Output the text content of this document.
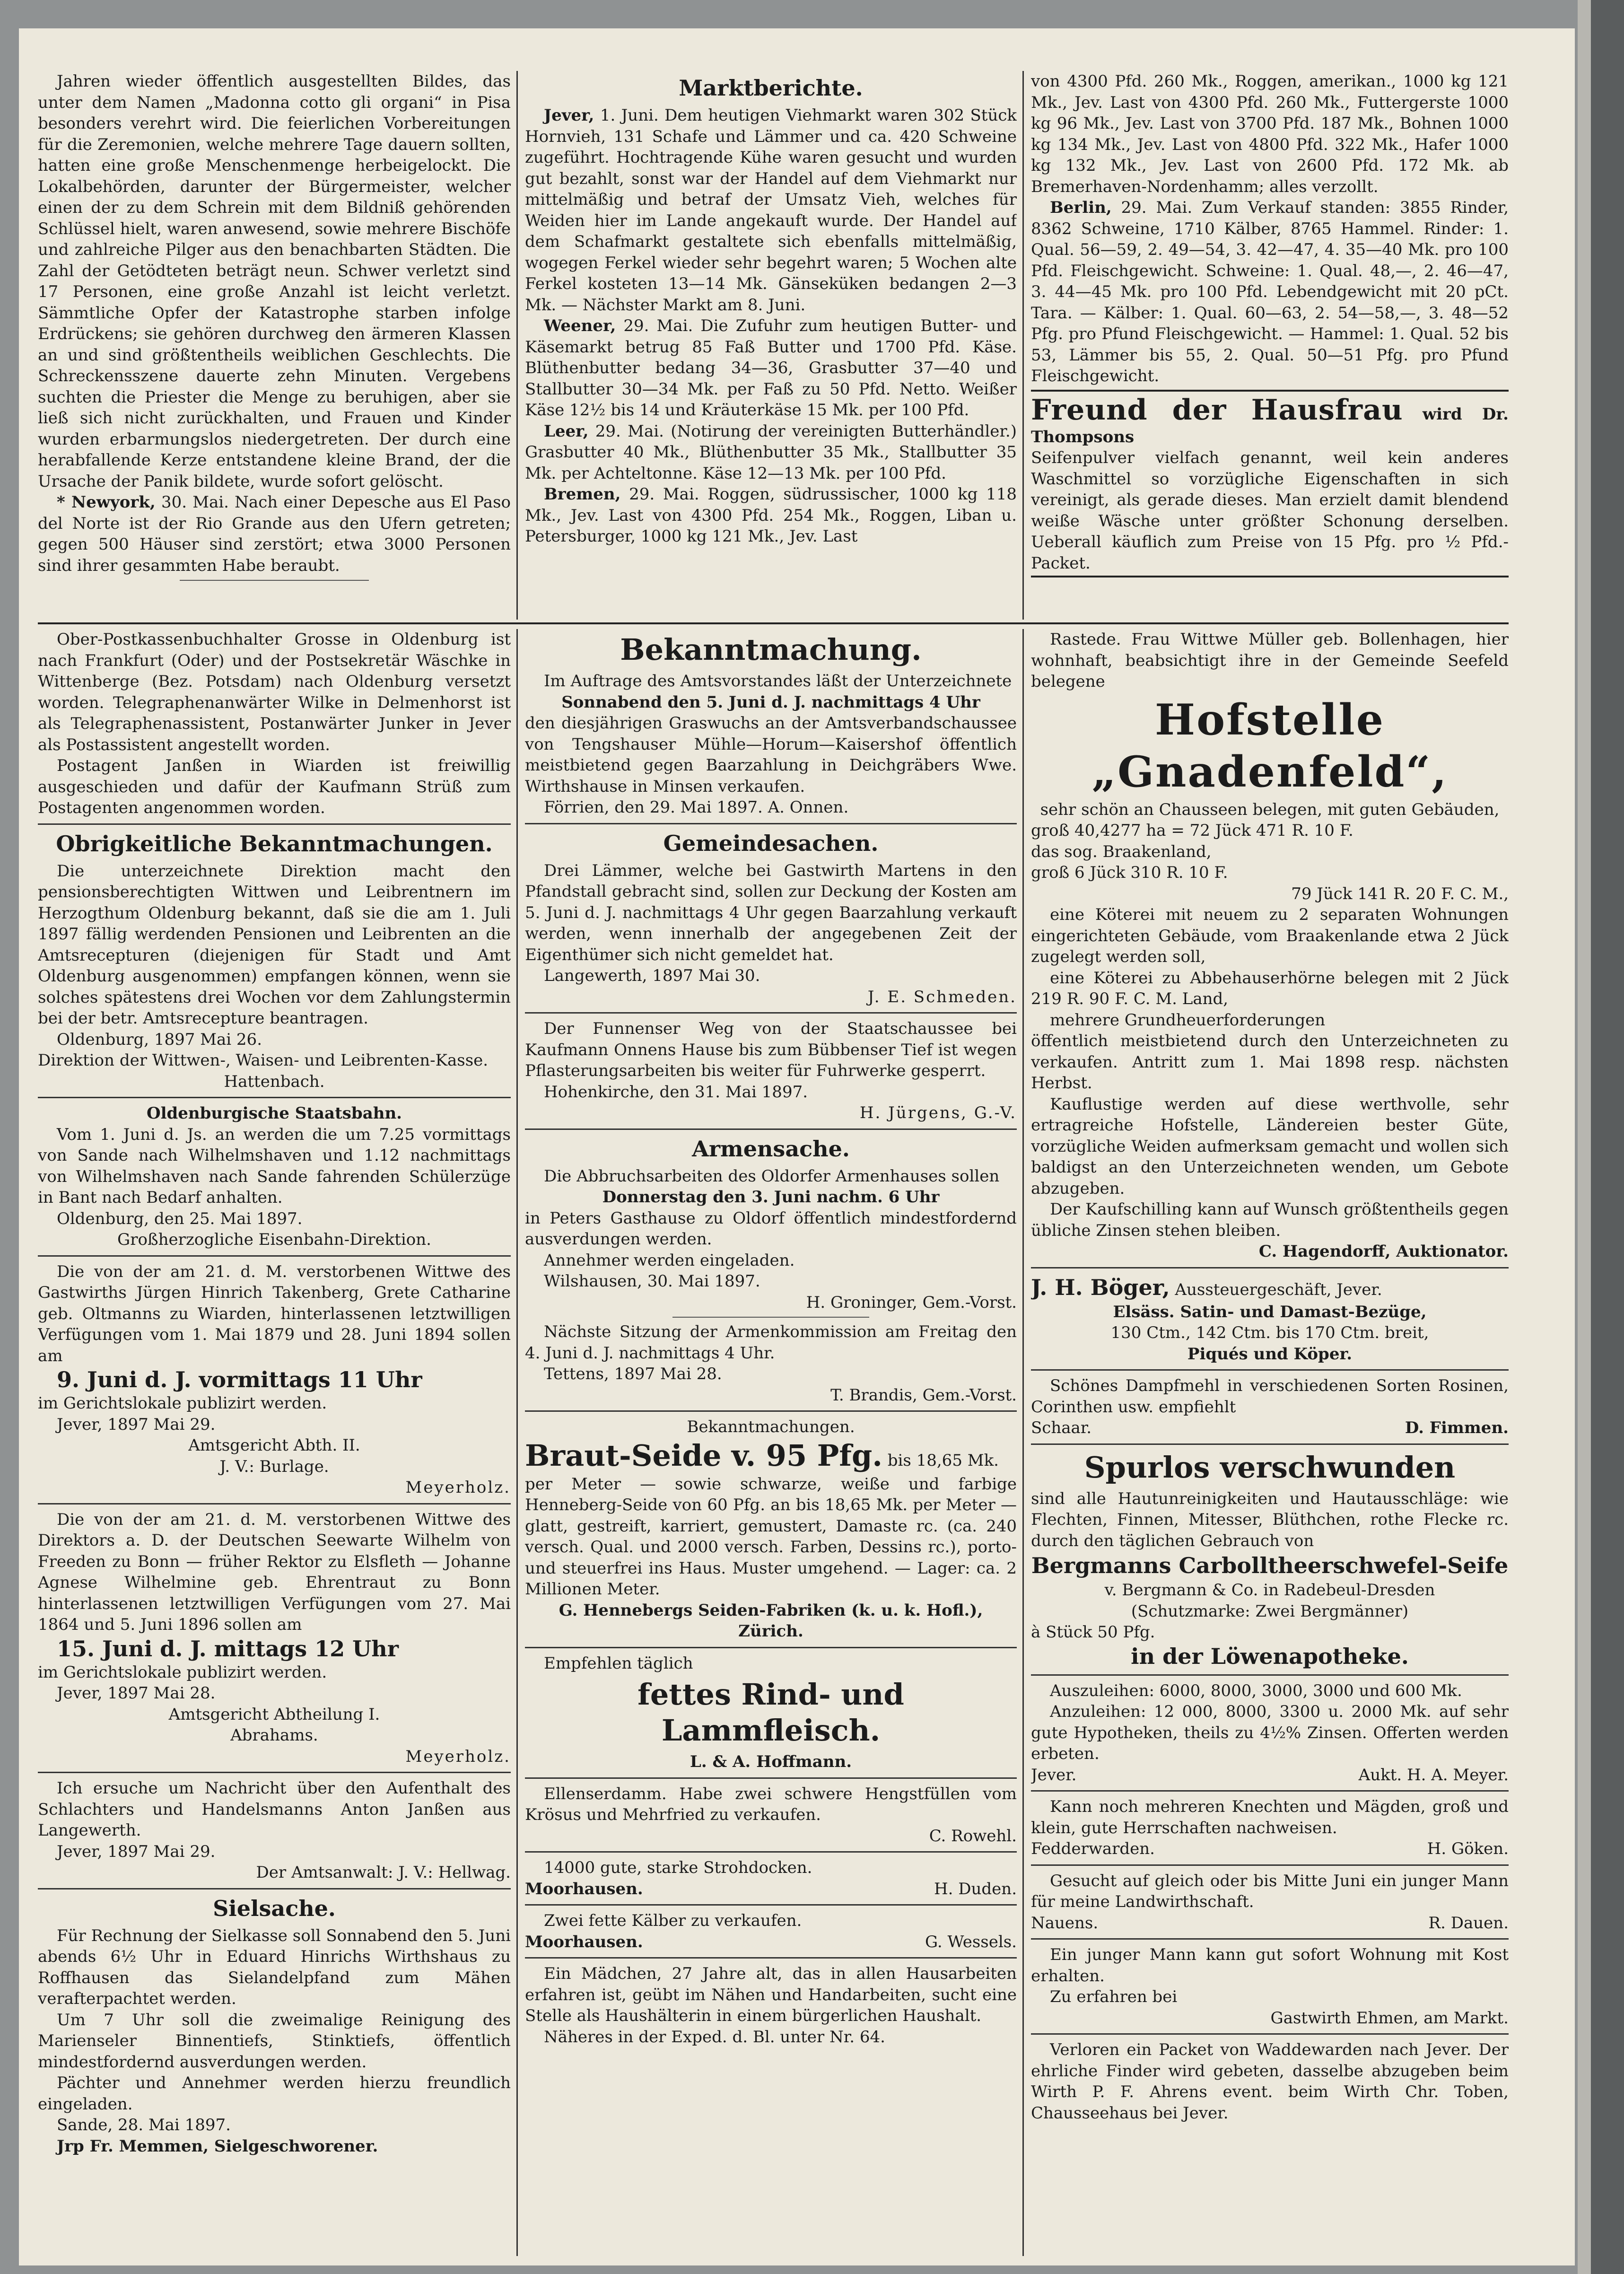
Jahren wieder öffentlich ausgestellten Bildes, das unter dem Namen „Madonna cotto gli organi“ in Pisa besonders verehrt wird. Die feierlichen Vorbereitungen für die Zeremonien, welche mehrere Tage dauern sollten, hatten eine große Menschenmenge herbeigelockt. Die Lokalbehörden, darunter der Bürgermeister, welcher einen der zu dem Schrein mit dem Bildniß gehörenden Schlüssel hielt, waren anwesend, sowie mehrere Bischöfe und zahlreiche Pilger aus den benachbarten Städten. Die Zahl der Getödteten beträgt neun. Schwer verletzt sind 17 Personen, eine große Anzahl ist leicht verletzt. Sämmtliche Opfer der Katastrophe starben infolge Erdrückens; sie gehören durchweg den ärmeren Klassen an und sind größtentheils weiblichen Geschlechts. Die Schreckensszene dauerte zehn Minuten. Vergebens suchten die Priester die Menge zu beruhigen, aber sie ließ sich nicht zurückhalten, und Frauen und Kinder wurden erbarmungslos niedergetreten. Der durch eine herabfallende Kerze entstandene kleine Brand, der die Ursache der Panik bildete, wurde sofort gelöscht.

* Newyork, 30. Mai. Nach einer Depesche aus El Paso del Norte ist der Rio Grande aus den Ufern getreten; gegen 500 Häuser sind zerstört; etwa 3000 Personen sind ihrer gesammten Habe beraubt.

Marktberichte.

Jever, 1. Juni. Dem heutigen Viehmarkt waren 302 Stück Hornvieh, 131 Schafe und Lämmer und ca. 420 Schweine zugeführt. Hochtragende Kühe waren gesucht und wurden gut bezahlt, sonst war der Handel auf dem Viehmarkt nur mittelmäßig und betraf der Umsatz Vieh, welches für Weiden hier im Lande angekauft wurde. Der Handel auf dem Schafmarkt gestaltete sich ebenfalls mittelmäßig, wogegen Ferkel wieder sehr begehrt waren; 5 Wochen alte Ferkel kosteten 13—14 Mk. Gänseküken bedangen 2—3 Mk. — Nächster Markt am 8. Juni.

Weener, 29. Mai. Die Zufuhr zum heutigen Butter- und Käsemarkt betrug 85 Faß Butter und 1700 Pfd. Käse. Blüthenbutter bedang 34—36, Grasbutter 37—40 und Stallbutter 30—34 Mk. per Faß zu 50 Pfd. Netto. Weißer Käse 12½ bis 14 und Kräuterkäse 15 Mk. per 100 Pfd.

Leer, 29. Mai. (Notirung der vereinigten Butterhändler.) Grasbutter 40 Mk., Blüthenbutter 35 Mk., Stallbutter 35 Mk. per Achteltonne. Käse 12—13 Mk. per 100 Pfd.

Bremen, 29. Mai. Roggen, südrussischer, 1000 kg 118 Mk., Jev. Last von 4300 Pfd. 254 Mk., Roggen, Liban u. Petersburger, 1000 kg 121 Mk., Jev. Last

von 4300 Pfd. 260 Mk., Roggen, amerikan., 1000 kg 121 Mk., Jev. Last von 4300 Pfd. 260 Mk., Futtergerste 1000 kg 96 Mk., Jev. Last von 3700 Pfd. 187 Mk., Bohnen 1000 kg 134 Mk., Jev. Last von 4800 Pfd. 322 Mk., Hafer 1000 kg 132 Mk., Jev. Last von 2600 Pfd. 172 Mk. ab Bremerhaven-Nordenhamm; alles verzollt.

Berlin, 29. Mai. Zum Verkauf standen: 3855 Rinder, 8362 Schweine, 1710 Kälber, 8765 Hammel. Rinder: 1. Qual. 56—59, 2. 49—54, 3. 42—47, 4. 35—40 Mk. pro 100 Pfd. Fleischgewicht. Schweine: 1. Qual. 48,—, 2. 46—47, 3. 44—45 Mk. pro 100 Pfd. Lebendgewicht mit 20 pCt. Tara. — Kälber: 1. Qual. 60—63, 2. 54—58,—, 3. 48—52 Pfg. pro Pfund Fleischgewicht. — Hammel: 1. Qual. 52 bis 53, Lämmer bis 55, 2. Qual. 50—51 Pfg. pro Pfund Fleischgewicht.

Freund der Hausfrau wird Dr. Thompsons

Seifenpulver vielfach genannt, weil kein anderes Waschmittel so vorzügliche Eigenschaften in sich vereinigt, als gerade dieses. Man erzielt damit blendend weiße Wäsche unter größter Schonung derselben. Ueberall käuflich zum Preise von 15 Pfg. pro ½ Pfd.-Packet.

Ober-Postkassenbuchhalter Grosse in Oldenburg ist nach Frankfurt (Oder) und der Postsekretär Wäschke in Wittenberge (Bez. Potsdam) nach Oldenburg versetzt worden. Telegraphenanwärter Wilke in Delmenhorst ist als Telegraphenassistent, Postanwärter Junker in Jever als Postassistent angestellt worden.

Postagent Janßen in Wiarden ist freiwillig ausgeschieden und dafür der Kaufmann Strüß zum Postagenten angenommen worden.

Obrigkeitliche Bekanntmachungen.

Die unterzeichnete Direktion macht den pensionsberechtigten Wittwen und Leibrentnern im Herzogthum Oldenburg bekannt, daß sie die am 1. Juli 1897 fällig werdenden Pensionen und Leibrenten an die Amtsrecepturen (diejenigen für Stadt und Amt Oldenburg ausgenommen) empfangen können, wenn sie solches spätestens drei Wochen vor dem Zahlungstermin bei der betr. Amtsrecepture beantragen.

Oldenburg, 1897 Mai 26.

Direktion der Wittwen-, Waisen- und Leibrenten-Kasse.

Hattenbach.

Oldenburgische Staatsbahn.

Vom 1. Juni d. Js. an werden die um 7.25 vormittags von Sande nach Wilhelmshaven und 1.12 nachmittags von Wilhelmshaven nach Sande fahrenden Schülerzüge in Bant nach Bedarf anhalten.

Oldenburg, den 25. Mai 1897.

Großherzogliche Eisenbahn-Direktion.

Die von der am 21. d. M. verstorbenen Wittwe des Gastwirths Jürgen Hinrich Takenberg, Grete Catharine geb. Oltmanns zu Wiarden, hinterlassenen letztwilligen Verfügungen vom 1. Mai 1879 und 28. Juni 1894 sollen am

9. Juni d. J. vormittags 11 Uhr

im Gerichtslokale publizirt werden.

Jever, 1897 Mai 29.

Amtsgericht Abth. II.

J. V.: Burlage.

Meyerholz.

Die von der am 21. d. M. verstorbenen Wittwe des Direktors a. D. der Deutschen Seewarte Wilhelm von Freeden zu Bonn — früher Rektor zu Elsfleth — Johanne Agnese Wilhelmine geb. Ehrentraut zu Bonn hinterlassenen letztwilligen Verfügungen vom 27. Mai 1864 und 5. Juni 1896 sollen am

15. Juni d. J. mittags 12 Uhr

im Gerichtslokale publizirt werden.

Jever, 1897 Mai 28.

Amtsgericht Abtheilung I.

Abrahams.

Meyerholz.

Ich ersuche um Nachricht über den Aufenthalt des Schlachters und Handelsmanns Anton Janßen aus Langewerth.

Jever, 1897 Mai 29.

Der Amtsanwalt: J. V.: Hellwag.

Sielsache.

Für Rechnung der Sielkasse soll Sonnabend den 5. Juni abends 6½ Uhr in Eduard Hinrichs Wirthshaus zu Roffhausen das Sielandelpfand zum Mähen verafterpachtet werden.

Um 7 Uhr soll die zweimalige Reinigung des Marienseler Binnentiefs, Stinktiefs, öffentlich mindestfordernd ausverdungen werden.

Pächter und Annehmer werden hierzu freundlich eingeladen.

Sande, 28. Mai 1897.

Jrp Fr. Memmen, Sielgeschworener.

Bekanntmachung.

Im Auftrage des Amtsvorstandes läßt der Unterzeichnete

Sonnabend den 5. Juni d. J. nachmittags 4 Uhr

den diesjährigen Graswuchs an der Amtsverbandschaussee von Tengshauser Mühle—Horum—Kaisershof öffentlich meistbietend gegen Baarzahlung in Deichgräbers Wwe. Wirthshause in Minsen verkaufen.

Förrien, den 29. Mai 1897. A. Onnen.

Gemeindesachen.

Drei Lämmer, welche bei Gastwirth Martens in den Pfandstall gebracht sind, sollen zur Deckung der Kosten am 5. Juni d. J. nachmittags 4 Uhr gegen Baarzahlung verkauft werden, wenn innerhalb der angegebenen Zeit der Eigenthümer sich nicht gemeldet hat.

Langewerth, 1897 Mai 30.

J. E. Schmeden.

Der Funnenser Weg von der Staatschaussee bei Kaufmann Onnens Hause bis zum Bübbenser Tief ist wegen Pflasterungsarbeiten bis weiter für Fuhrwerke gesperrt.

Hohenkirche, den 31. Mai 1897.

H. Jürgens, G.-V.

Armensache.

Die Abbruchsarbeiten des Oldorfer Armenhauses sollen

Donnerstag den 3. Juni nachm. 6 Uhr

in Peters Gasthause zu Oldorf öffentlich mindestfordernd ausverdungen werden.

Annehmer werden eingeladen.

Wilshausen, 30. Mai 1897.

H. Groninger, Gem.-Vorst.

Nächste Sitzung der Armenkommission am Freitag den 4. Juni d. J. nachmittags 4 Uhr.

Tettens, 1897 Mai 28.

T. Brandis, Gem.-Vorst.

Bekanntmachungen.

Braut-Seide v. 95 Pfg. bis 18,65 Mk.

per Meter — sowie schwarze, weiße und farbige Henneberg-Seide von 60 Pfg. an bis 18,65 Mk. per Meter — glatt, gestreift, karriert, gemustert, Damaste rc. (ca. 240 versch. Qual. und 2000 versch. Farben, Dessins rc.), porto- und steuerfrei ins Haus. Muster umgehend. — Lager: ca. 2 Millionen Meter.

G. Hennebergs Seiden-Fabriken (k. u. k. Hofl.), Zürich.

Empfehlen täglich

fettes Rind- und Lammfleisch.

L. & A. Hoffmann.

Ellenserdamm. Habe zwei schwere Hengstfüllen vom Krösus und Mehrfried zu verkaufen.

C. Rowehl.

14000 gute, starke Strohdocken.

Moorhausen.	H. Duden.

Zwei fette Kälber zu verkaufen.

Moorhausen.	G. Wessels.

Ein Mädchen, 27 Jahre alt, das in allen Hausarbeiten erfahren ist, geübt im Nähen und Handarbeiten, sucht eine Stelle als Haushälterin in einem bürgerlichen Haushalt.

Näheres in der Exped. d. Bl. unter Nr. 64.

Rastede. Frau Wittwe Müller geb. Bollenhagen, hier wohnhaft, beabsichtigt ihre in der Gemeinde Seefeld belegene

Hofstelle
„Gnadenfeld“,

sehr schön an Chausseen belegen, mit guten Gebäuden,

groß 40,4277 ha = 72 Jück 471 R. 10 F.

das sog. Braakenland,

groß 6 Jück 310 R. 10 F.

79 Jück 141 R. 20 F. C. M.,

eine Köterei mit neuem zu 2 separaten Wohnungen eingerichteten Gebäude, vom Braakenlande etwa 2 Jück zugelegt werden soll,

eine Köterei zu Abbehauserhörne belegen mit 2 Jück 219 R. 90 F. C. M. Land,

mehrere Grundheuerforderungen

öffentlich meistbietend durch den Unterzeichneten zu verkaufen. Antritt zum 1. Mai 1898 resp. nächsten Herbst.

Kauflustige werden auf diese werthvolle, sehr ertragreiche Hofstelle, Ländereien bester Güte, vorzügliche Weiden aufmerksam gemacht und wollen sich baldigst an den Unterzeichneten wenden, um Gebote abzugeben.

Der Kaufschilling kann auf Wunsch größtentheils gegen übliche Zinsen stehen bleiben.

C. Hagendorff, Auktionator.

J. H. Böger, Aussteuergeschäft, Jever.

Elsäss. Satin- und Damast-Bezüge,

130 Ctm., 142 Ctm. bis 170 Ctm. breit,

Piqués und Köper.

Schönes Dampfmehl in verschiedenen Sorten Rosinen, Corinthen usw. empfiehlt

Schaar.	D. Fimmen.

Spurlos verschwunden

sind alle Hautunreinigkeiten und Hautausschläge: wie Flechten, Finnen, Mitesser, Blüthchen, rothe Flecke rc. durch den täglichen Gebrauch von

Bergmanns Carbolltheerschwefel-Seife

v. Bergmann & Co. in Radebeul-Dresden

(Schutzmarke: Zwei Bergmänner)

à Stück 50 Pfg.

in der Löwenapotheke.

Auszuleihen: 6000, 8000, 3000, 3000 und 600 Mk.

Anzuleihen: 12 000, 8000, 3300 u. 2000 Mk. auf sehr gute Hypotheken, theils zu 4½% Zinsen. Offerten werden erbeten.

Jever.	Aukt. H. A. Meyer.

Kann noch mehreren Knechten und Mägden, groß und klein, gute Herrschaften nachweisen.

Fedderwarden.	H. Göken.

Gesucht auf gleich oder bis Mitte Juni ein junger Mann für meine Landwirthschaft.

Nauens.	R. Dauen.

Ein junger Mann kann gut sofort Wohnung mit Kost erhalten.

Zu erfahren bei

Gastwirth Ehmen, am Markt.

Verloren ein Packet von Waddewarden nach Jever. Der ehrliche Finder wird gebeten, dasselbe abzugeben beim Wirth P. F. Ahrens event. beim Wirth Chr. Toben, Chausseehaus bei Jever.
